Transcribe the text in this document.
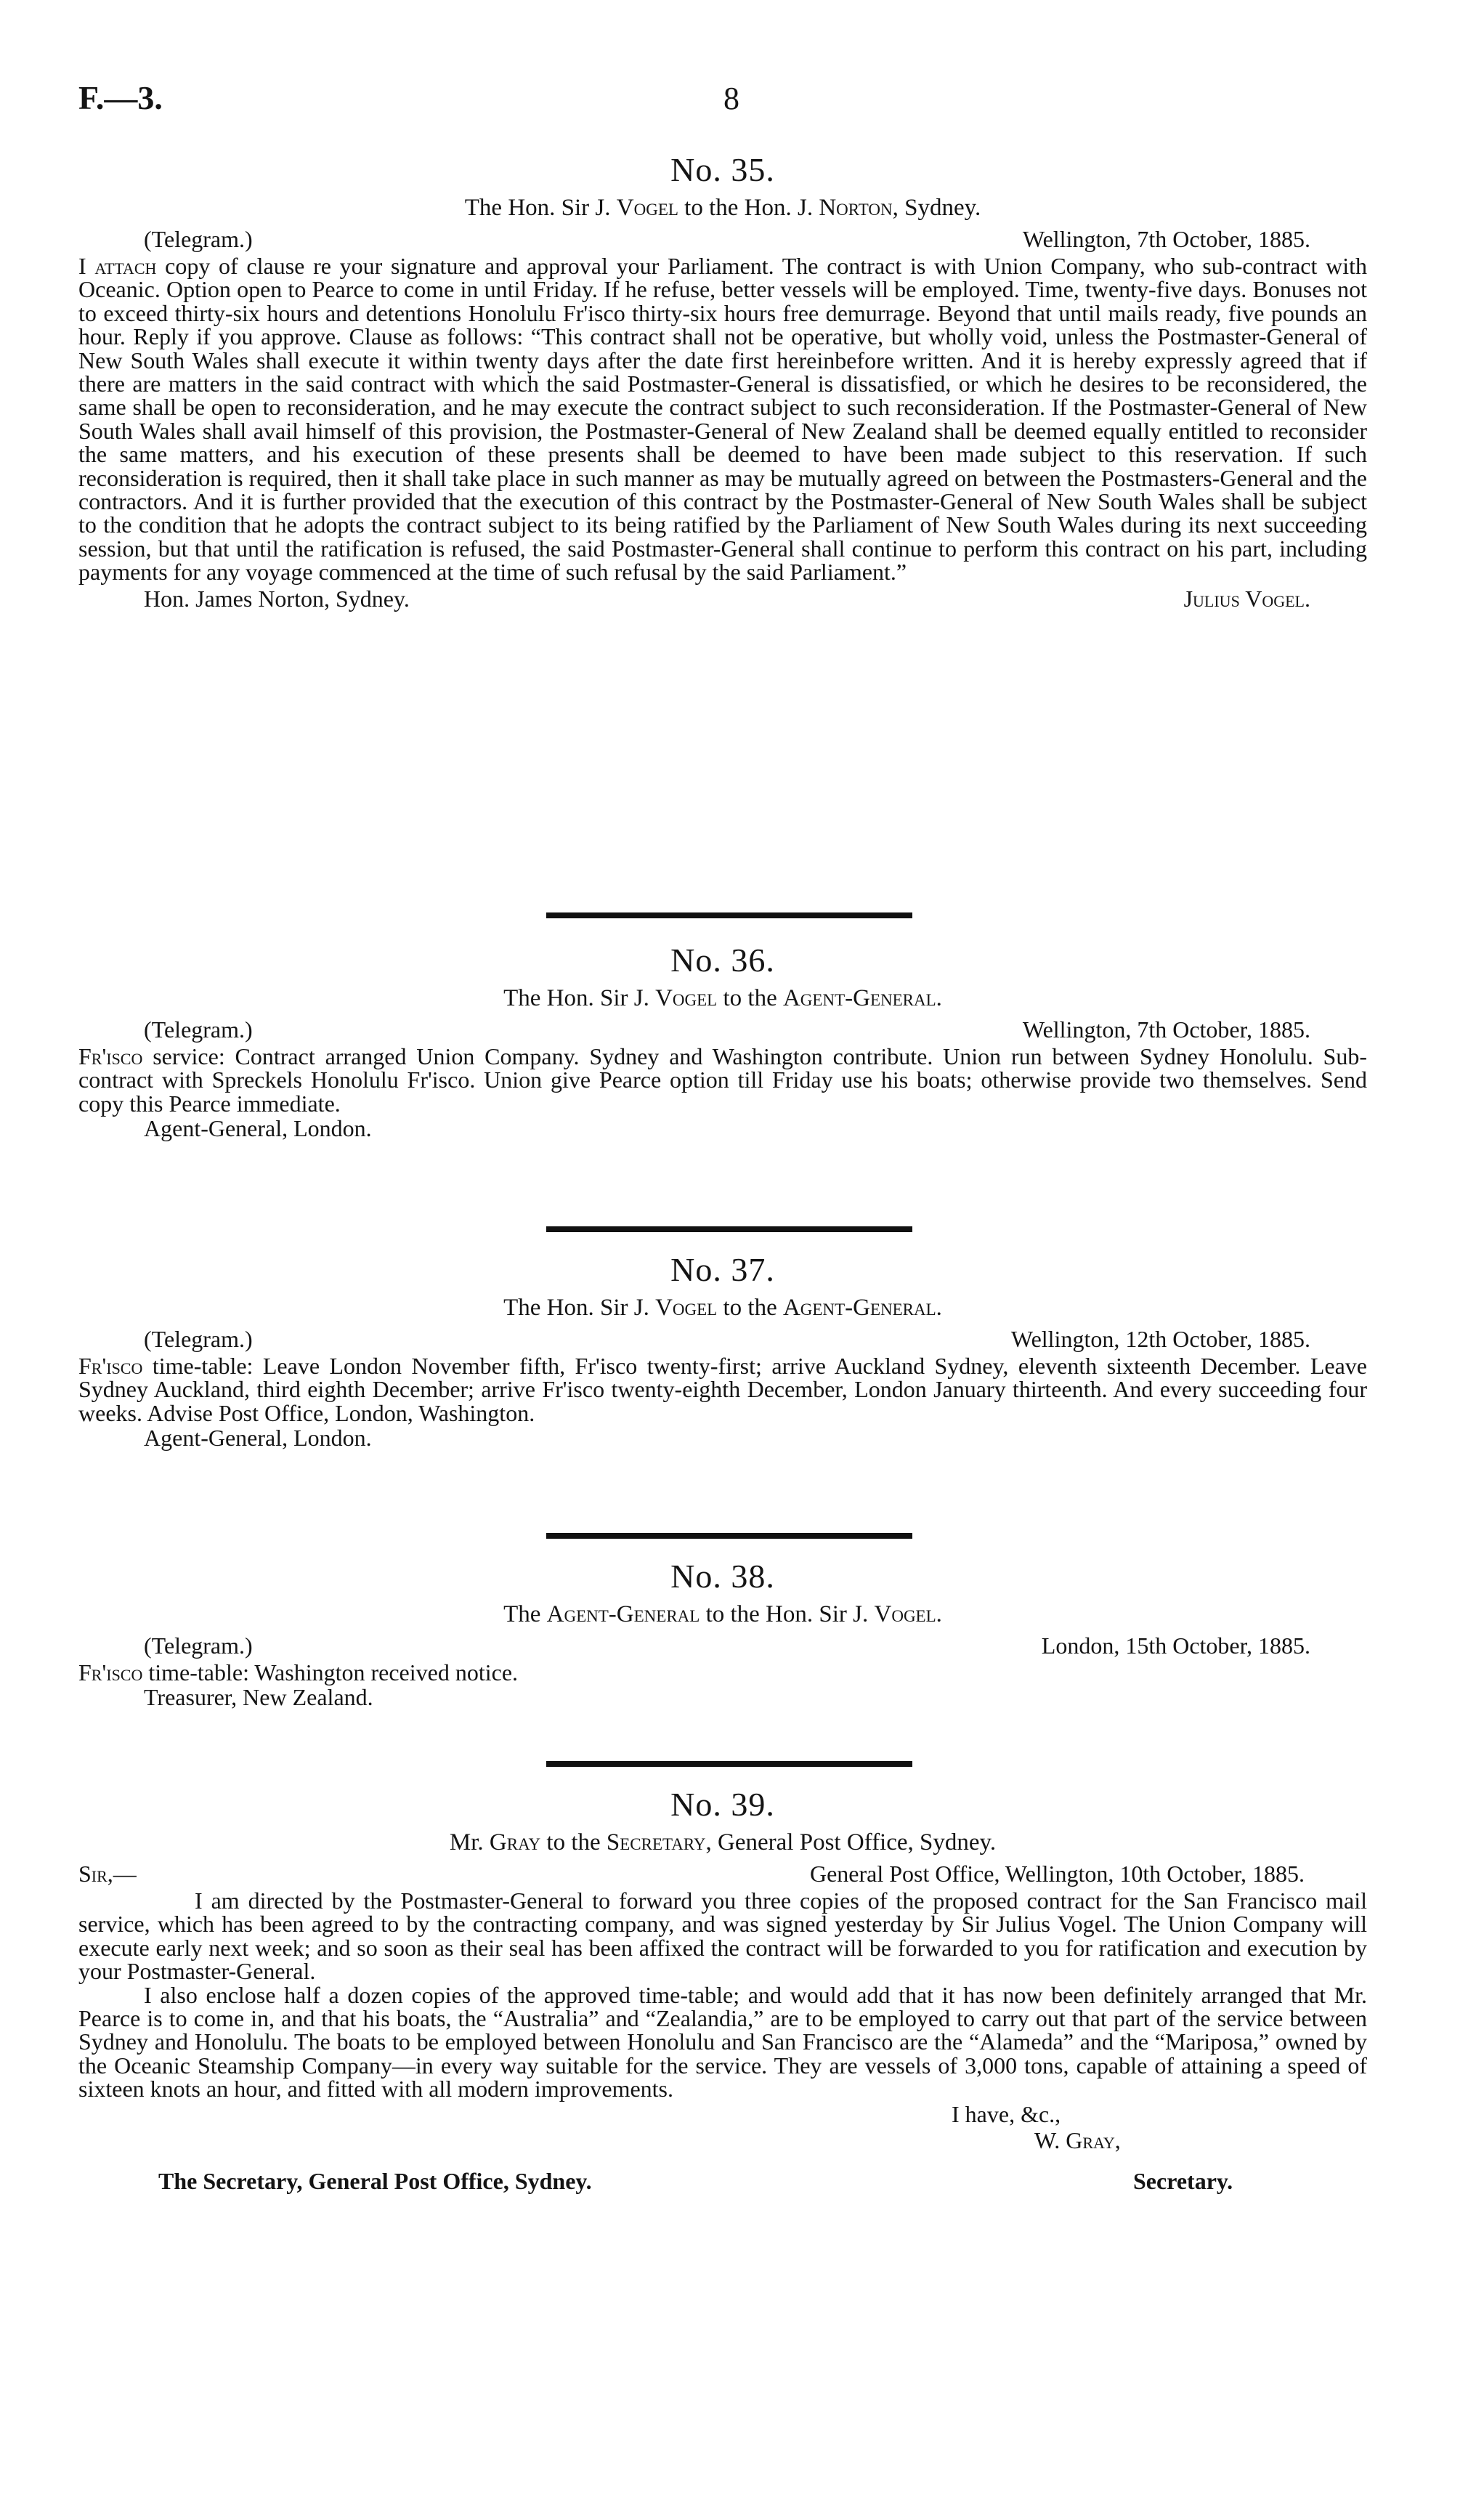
F.—3.	8
No. 35.
The Hon. Sir J. Vogel to the Hon. J. Norton, Sydney.
(Telegram.)	Wellington, 7th October, 1885.

I attach copy of clause re your signature and approval your Parliament. The contract is with Union Company, who sub-contract with Oceanic. Option open to Pearce to come in until Friday. If he refuse, better vessels will be employed. Time, twenty-five days. Bonuses not to exceed thirty-six hours and detentions Honolulu Fr'isco thirty-six hours free demurrage. Beyond that until mails ready, five pounds an hour. Reply if you approve. Clause as follows: “This contract shall not be operative, but wholly void, unless the Postmaster-General of New South Wales shall execute it within twenty days after the date first hereinbefore written. And it is hereby expressly agreed that if there are matters in the said contract with which the said Postmaster-General is dissatisfied, or which he desires to be reconsidered, the same shall be open to reconsideration, and he may execute the contract subject to such reconsideration. If the Postmaster-General of New South Wales shall avail himself of this provision, the Postmaster-General of New Zealand shall be deemed equally entitled to reconsider the same matters, and his execution of these presents shall be deemed to have been made subject to this reservation. If such reconsideration is required, then it shall take place in such manner as may be mutually agreed on between the Postmasters-General and the contractors. And it is further provided that the execution of this contract by the Postmaster-General of New South Wales shall be subject to the condition that he adopts the contract subject to its being ratified by the Parliament of New South Wales during its next succeeding session, but that until the ratification is refused, the said Postmaster-General shall continue to perform this contract on his part, including payments for any voyage commenced at the time of such refusal by the said Parliament.”

Hon. James Norton, Sydney.	Julius Vogel.
No. 36.
The Hon. Sir J. Vogel to the Agent-General.
(Telegram.)	Wellington, 7th October, 1885.

Fr'isco service: Contract arranged Union Company. Sydney and Washington contribute. Union run between Sydney Honolulu. Sub-contract with Spreckels Honolulu Fr'isco. Union give Pearce option till Friday use his boats; otherwise provide two themselves. Send copy this Pearce immediate.

Agent-General, London.
No. 37.
The Hon. Sir J. Vogel to the Agent-General.
(Telegram.)	Wellington, 12th October, 1885.

Fr'isco time-table: Leave London November fifth, Fr'isco twenty-first; arrive Auckland Sydney, eleventh sixteenth December. Leave Sydney Auckland, third eighth December; arrive Fr'isco twenty-eighth December, London January thirteenth. And every succeeding four weeks. Advise Post Office, London, Washington.

Agent-General, London.
No. 38.
The Agent-General to the Hon. Sir J. Vogel.
(Telegram.)	London, 15th October, 1885.

Fr'isco time-table: Washington received notice.

Treasurer, New Zealand.
No. 39.
Mr. Gray to the Secretary, General Post Office, Sydney.
Sir,—	General Post Office, Wellington, 10th October, 1885.

I am directed by the Postmaster-General to forward you three copies of the proposed contract for the San Francisco mail service, which has been agreed to by the contracting company, and was signed yesterday by Sir Julius Vogel. The Union Company will execute early next week; and so soon as their seal has been affixed the contract will be forwarded to you for ratification and execution by your Postmaster-General.

I also enclose half a dozen copies of the approved time-table; and would add that it has now been definitely arranged that Mr. Pearce is to come in, and that his boats, the “Australia” and “Zealandia,” are to be employed to carry out that part of the service between Sydney and Honolulu. The boats to be employed between Honolulu and San Francisco are the “Alameda” and the “Mariposa,” owned by the Oceanic Steamship Company—in every way suitable for the service. They are vessels of 3,000 tons, capable of attaining a speed of sixteen knots an hour, and fitted with all modern improvements.

I have, &c.,
W. Gray,
The Secretary, General Post Office, Sydney.	Secretary.
